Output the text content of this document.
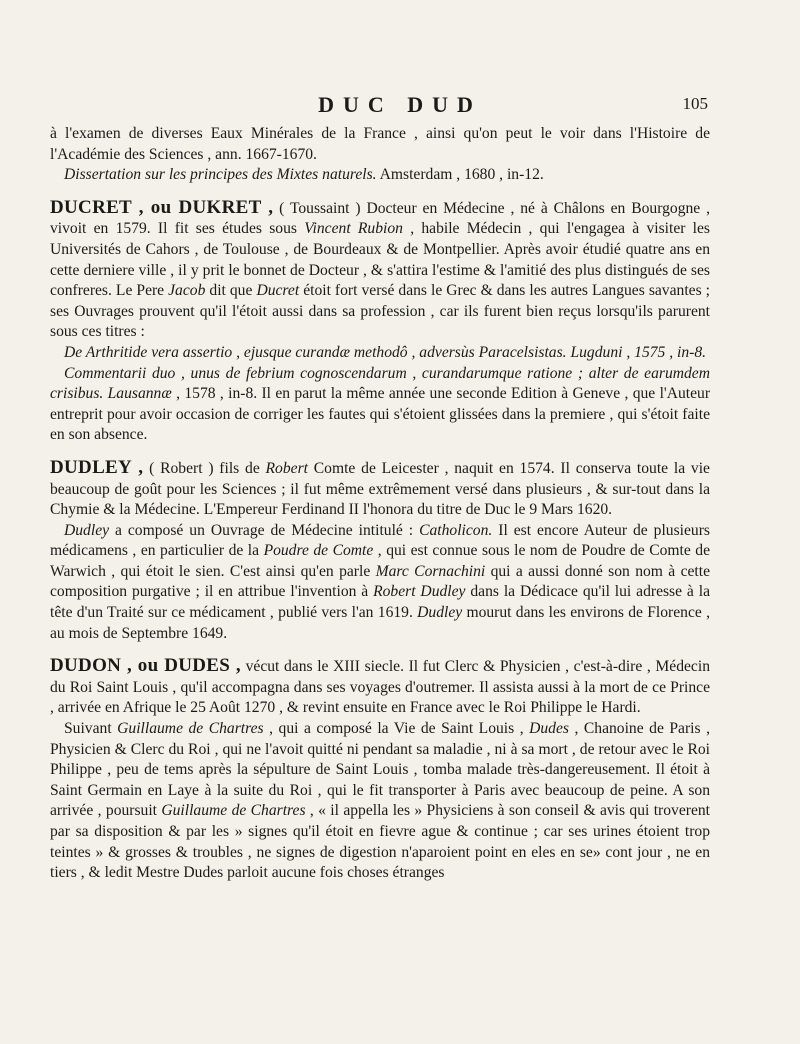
DUC DUD	105

à l'examen de diverses Eaux Minérales de la France , ainsi qu'on peut le voir dans l'Histoire de l'Académie des Sciences , ann. 1667-1670.

Dissertation sur les principes des Mixtes naturels. Amsterdam , 1680 , in-12.

DUCRET , ou DUKRET , ( Toussaint ) Docteur en Médecine , né à Châlons en Bourgogne , vivoit en 1579. Il fit ses études sous Vincent Rubion , habile Médecin , qui l'engagea à visiter les Universités de Cahors , de Toulouse , de Bourdeaux & de Montpellier. Après avoir étudié quatre ans en cette derniere ville , il y prit le bonnet de Docteur , & s'attira l'estime & l'amitié des plus distingués de ses confreres. Le Pere Jacob dit que Ducret étoit fort versé dans le Grec & dans les autres Langues savantes ; ses Ouvrages prouvent qu'il l'étoit aussi dans sa profession , car ils furent bien reçus lorsqu'ils parurent sous ces titres :

De Arthritide vera assertio , ejusque curandæ methodô , adversùs Paracelsistas. Lugduni , 1575 , in-8.

Commentarii duo , unus de febrium cognoscendarum , curandarumque ratione ; alter de earumdem crisibus. Lausannæ , 1578 , in-8. Il en parut la même année une seconde Edition à Geneve , que l'Auteur entreprit pour avoir occasion de corriger les fautes qui s'étoient glissées dans la premiere , qui s'étoit faite en son absence.

DUDLEY , ( Robert ) fils de Robert Comte de Leicester , naquit en 1574. Il conserva toute la vie beaucoup de goût pour les Sciences ; il fut même extrêmement versé dans plusieurs , & sur-tout dans la Chymie & la Médecine. L'Empereur Ferdinand II l'honora du titre de Duc le 9 Mars 1620.

Dudley a composé un Ouvrage de Médecine intitulé : Catholicon. Il est encore Auteur de plusieurs médicamens , en particulier de la Poudre de Comte , qui est connue sous le nom de Poudre de Comte de Warwich , qui étoit le sien. C'est ainsi qu'en parle Marc Cornachini qui a aussi donné son nom à cette composition purgative ; il en attribue l'invention à Robert Dudley dans la Dédicace qu'il lui adresse à la tête d'un Traité sur ce médicament , publié vers l'an 1619. Dudley mourut dans les environs de Florence , au mois de Septembre 1649.

DUDON , ou DUDES , vécut dans le XIII siecle. Il fut Clerc & Physicien , c'est-à-dire , Médecin du Roi Saint Louis , qu'il accompagna dans ses voyages d'outremer. Il assista aussi à la mort de ce Prince , arrivée en Afrique le 25 Août 1270 , & revint ensuite en France avec le Roi Philippe le Hardi.

Suivant Guillaume de Chartres , qui a composé la Vie de Saint Louis , Dudes , Chanoine de Paris , Physicien & Clerc du Roi , qui ne l'avoit quitté ni pendant sa maladie , ni à sa mort , de retour avec le Roi Philippe , peu de tems après la sépulture de Saint Louis , tomba malade très-dangereusement. Il étoit à Saint Germain en Laye à la suite du Roi , qui le fit transporter à Paris avec beaucoup de peine. A son arrivée , poursuit Guillaume de Chartres , « il appella les » Physiciens à son conseil & avis qui troverent par sa disposition & par les » signes qu'il étoit en fievre ague & continue ; car ses urines étoient trop teintes » & grosses & troubles , ne signes de digestion n'aparoient point en eles en se» cont jour , ne en tiers , & ledit Mestre Dudes parloit aucune fois choses étranges
